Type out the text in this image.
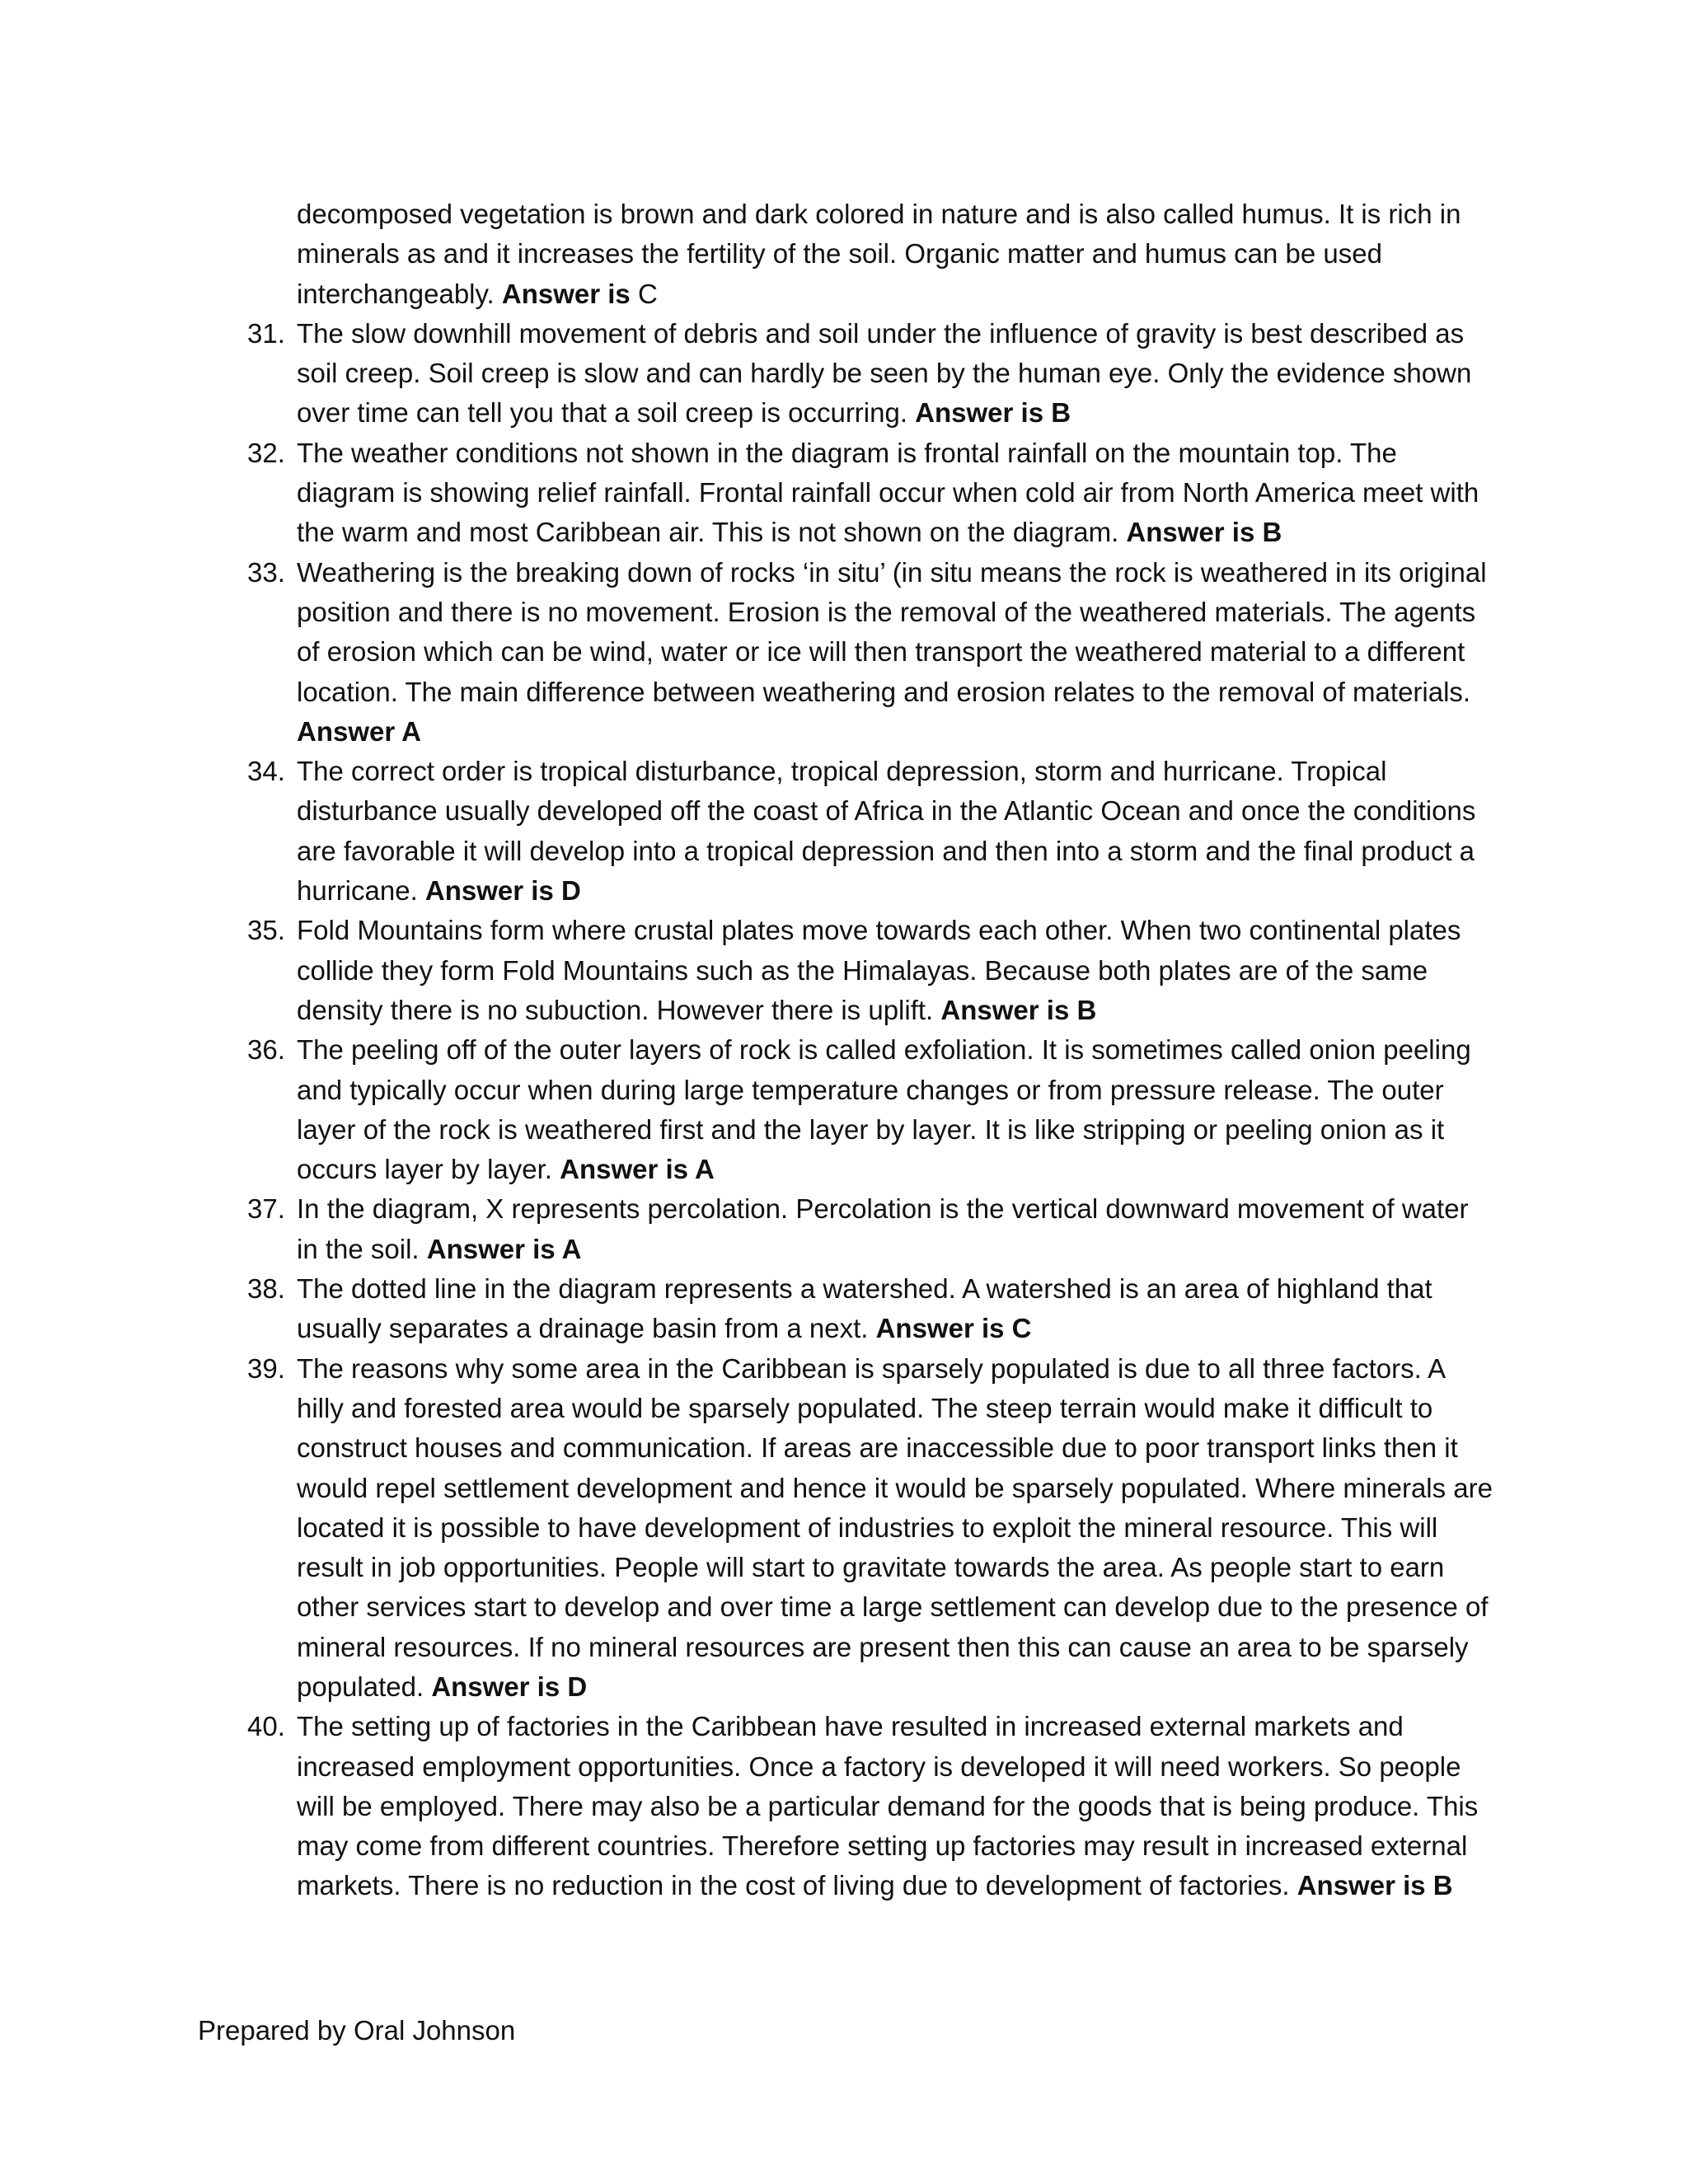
decomposed vegetation is brown and dark colored in nature and is also called humus. It is rich in minerals as and it increases the fertility of the soil. Organic matter and humus can be used interchangeably. Answer is C

31. The slow downhill movement of debris and soil under the influence of gravity is best described as soil creep. Soil creep is slow and can hardly be seen by the human eye. Only the evidence shown over time can tell you that a soil creep is occurring. Answer is B
32. The weather conditions not shown in the diagram is frontal rainfall on the mountain top. The diagram is showing relief rainfall. Frontal rainfall occur when cold air from North America meet with the warm and most Caribbean air. This is not shown on the diagram. Answer is B
33. Weathering is the breaking down of rocks ‘in situ’ (in situ means the rock is weathered in its original position and there is no movement. Erosion is the removal of the weathered materials. The agents of erosion which can be wind, water or ice will then transport the weathered material to a different location. The main difference between weathering and erosion relates to the removal of materials. Answer A
34. The correct order is tropical disturbance, tropical depression, storm and hurricane. Tropical disturbance usually developed off the coast of Africa in the Atlantic Ocean and once the conditions are favorable it will develop into a tropical depression and then into a storm and the final product a hurricane. Answer is D
35. Fold Mountains form where crustal plates move towards each other. When two continental plates collide they form Fold Mountains such as the Himalayas. Because both plates are of the same density there is no subuction. However there is uplift. Answer is B
36. The peeling off of the outer layers of rock is called exfoliation. It is sometimes called onion peeling and typically occur when during large temperature changes or from pressure release. The outer layer of the rock is weathered first and the layer by layer. It is like stripping or peeling onion as it occurs layer by layer. Answer is A
37. In the diagram, X represents percolation. Percolation is the vertical downward movement of water in the soil. Answer is A
38. The dotted line in the diagram represents a watershed. A watershed is an area of highland that usually separates a drainage basin from a next. Answer is C
39. The reasons why some area in the Caribbean is sparsely populated is due to all three factors. A hilly and forested area would be sparsely populated. The steep terrain would make it difficult to construct houses and communication. If areas are inaccessible due to poor transport links then it would repel settlement development and hence it would be sparsely populated. Where minerals are located it is possible to have development of industries to exploit the mineral resource. This will result in job opportunities. People will start to gravitate towards the area. As people start to earn other services start to develop and over time a large settlement can develop due to the presence of mineral resources. If no mineral resources are present then this can cause an area to be sparsely populated. Answer is D
40. The setting up of factories in the Caribbean have resulted in increased external markets and increased employment opportunities. Once a factory is developed it will need workers. So people will be employed. There may also be a particular demand for the goods that is being produce. This may come from different countries. Therefore setting up factories may result in increased external markets. There is no reduction in the cost of living due to development of factories. Answer is B
Prepared by Oral Johnson
